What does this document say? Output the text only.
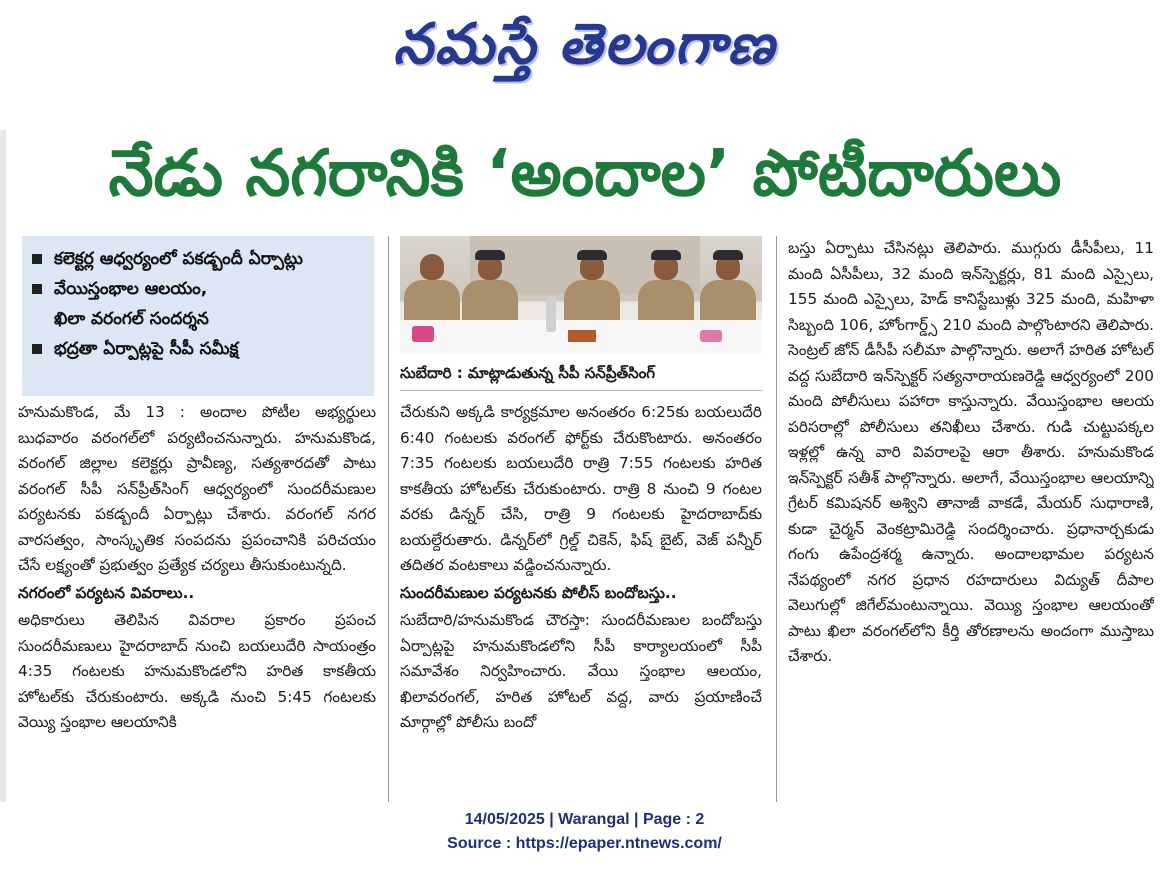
నమస్తే తెలంగాణ
నేడు నగరానికి ‘అందాల’ పోటీదారులు
కలెక్టర్ల ఆధ్వర్యంలో పకడ్బందీ ఏర్పాట్లు
వేయిస్తంభాల ఆలయం,
ఖిలా వరంగల్ సందర్శన
భద్రతా ఏర్పాట్లపై సీపీ సమీక్ష
సుబేదారి : మాట్లాడుతున్న సీపీ సన్‌ప్రీత్‌సింగ్

హనుమకొండ, మే 13 : అందాల పోటీల అభ్యర్థులు బుధవారం వరంగల్‌లో పర్యటించనున్నారు. హనుమకొండ, వరంగల్ జిల్లాల కలెక్టర్లు ప్రావీణ్య, సత్యశారదతో పాటు వరంగల్ సీపీ సన్‌ప్రీత్‌సింగ్ ఆధ్వర్యంలో సుందరీమణుల పర్యటనకు పకడ్బందీ ఏర్పాట్లు చేశారు. వరంగల్ నగర వారసత్వం, సాంస్కృతిక సంపదను ప్రపంచానికి పరిచయం చేసే లక్ష్యంతో ప్రభుత్వం ప్రత్యేక చర్యలు తీసుకుంటున్నది.

నగరంలో పర్యటన వివరాలు..

అధికారులు తెలిపిన వివరాల ప్రకారం ప్రపంచ సుందరీమణులు హైదరాబాద్ నుంచి బయలుదేరి సాయంత్రం 4:35 గంటలకు హనుమకొండలోని హరిత కాకతీయ హోటల్‌కు చేరుకుంటారు. అక్కడి నుంచి 5:45 గంటలకు వెయ్యి స్తంభాల ఆలయానికి

చేరుకుని అక్కడి కార్యక్రమాల అనంతరం 6:25కు బయలుదేరి 6:40 గంటలకు వరంగల్ ఫోర్ట్‌కు చేరుకొంటారు. అనంతరం 7:35 గంటలకు బయలుదేరి రాత్రి 7:55 గంటలకు హరిత కాకతీయ హోటల్‌కు చేరుకుంటారు. రాత్రి 8 నుంచి 9 గంటల వరకు డిన్నర్ చేసి, రాత్రి 9 గంటలకు హైదరాబాద్‌కు బయల్దేరుతారు. డిన్నర్‌లో గ్రిల్డ్ చికెన్, ఫిష్ బైట్, వెజ్ పన్నీర్ తదితర వంటకాలు వడ్డించనున్నారు.

సుందరీమణుల పర్యటనకు పోలీస్ బందోబస్తు..

సుబేదారి/హనుమకొండ చౌరస్తా: సుందరీమణుల బందోబస్తు ఏర్పాట్లపై హనుమకొండలోని సీపీ కార్యాలయంలో సీపీ సమావేశం నిర్వహించారు. వేయి స్తంభాల ఆలయం, ఖిలావరంగల్, హరిత హోటల్ వద్ద, వారు ప్రయాణించే మార్గాల్లో పోలీసు బందో

బస్తు ఏర్పాటు చేసినట్లు తెలిపారు. ముగ్గురు డీసీపీలు, 11 మంది ఏసీపీలు, 32 మంది ఇన్‌స్పెక్టర్లు, 81 మంది ఎస్సైలు, 155 మంది ఎస్సైలు, హెడ్ కానిస్టేబుళ్లు 325 మంది, మహిళా సిబ్బంది 106, హోంగార్డ్స్ 210 మంది పాల్గొంటారని తెలిపారు. సెంట్రల్ జోన్ డీసీపీ సలీమా పాల్గొన్నారు. అలాగే హరిత హోటల్ వద్ద సుబేదారి ఇన్‌స్పెక్టర్ సత్యనారాయణరెడ్డి ఆధ్వర్యంలో 200 మంది పోలీసులు పహారా కాస్తున్నారు. వేయిస్తంభాల ఆలయ పరిసరాల్లో పోలీసులు తనిఖీలు చేశారు. గుడి చుట్టుపక్కల ఇళ్లల్లో ఉన్న వారి వివరాలపై ఆరా తీశారు. హనుమకొండ ఇన్‌స్పెక్టర్ సతీశ్ పాల్గొన్నారు. అలాగే, వేయిస్తంభాల ఆలయాన్ని గ్రేటర్ కమిషనర్ అశ్విని తానాజీ వాకడే, మేయర్ సుధారాణి, కుడా చైర్మన్ వెంకట్రామిరెడ్డి సందర్శించారు. ప్రధానార్చకుడు గంగు ఉపేంద్రశర్మ ఉన్నారు. అందాలభామల పర్యటన నేపథ్యంలో నగర ప్రధాన రహదారులు విద్యుత్ దీపాల వెలుగుల్లో జిగేల్‌మంటున్నాయి. వెయ్యి స్తంభాల ఆలయంతో పాటు ఖిలా వరంగల్‌లోని కీర్తి తోరణాలను అందంగా ముస్తాబు చేశారు.

14/05/2025 | Warangal | Page : 2
Source : https://epaper.ntnews.com/
